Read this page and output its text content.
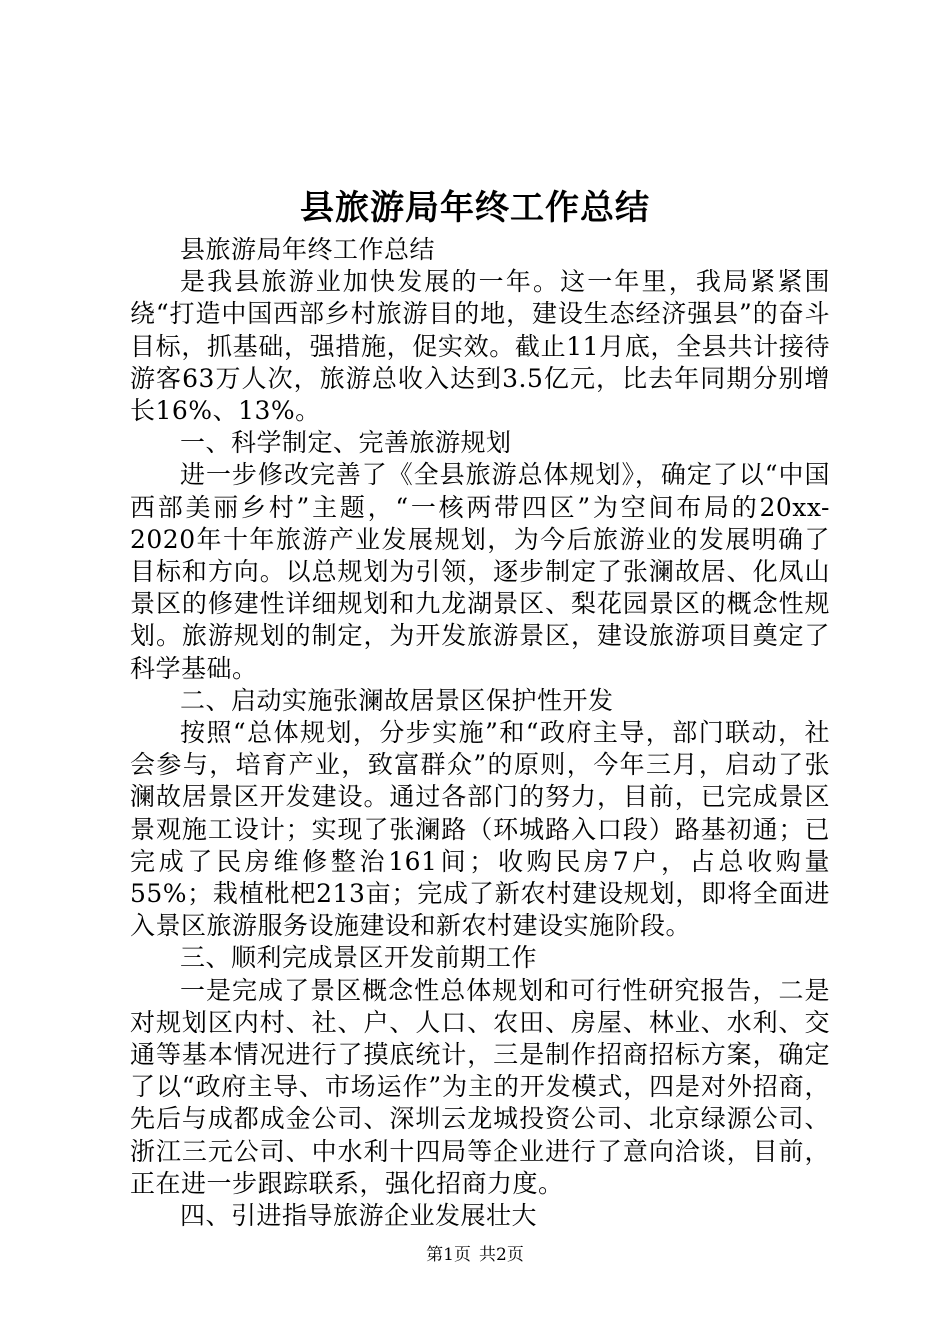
县旅游局年终工作总结

县旅游局年终工作总结

是我县旅游业加快发展的一年。这一年里，我局紧紧围绕“打造中国西部乡村旅游目的地，建设生态经济强县”的奋斗目标，抓基础，强措施，促实效。截止11月底，全县共计接待游客63万人次，旅游总收入达到3.5亿元，比去年同期分别增长16%、13%。

一、科学制定、完善旅游规划

进一步修改完善了《全县旅游总体规划》，确定了以“中国西部美丽乡村”主题，“一核两带四区”为空间布局的20xx-2020年十年旅游产业发展规划，为今后旅游业的发展明确了目标和方向。以总规划为引领，逐步制定了张澜故居、化凤山景区的修建性详细规划和九龙湖景区、梨花园景区的概念性规划。旅游规划的制定，为开发旅游景区，建设旅游项目奠定了科学基础。

二、启动实施张澜故居景区保护性开发

按照“总体规划，分步实施”和“政府主导，部门联动，社会参与，培育产业，致富群众”的原则，今年三月，启动了张澜故居景区开发建设。通过各部门的努力，目前，已完成景区景观施工设计；实现了张澜路（环城路入口段）路基初通；已完成了民房维修整治161间；收购民房7户，占总收购量55%；栽植枇杷213亩；完成了新农村建设规划，即将全面进入景区旅游服务设施建设和新农村建设实施阶段。

三、顺利完成景区开发前期工作

一是完成了景区概念性总体规划和可行性研究报告，二是对规划区内村、社、户、人口、农田、房屋、林业、水利、交通等基本情况进行了摸底统计，三是制作招商招标方案，确定了以“政府主导、市场运作”为主的开发模式，四是对外招商，先后与成都成金公司、深圳云龙城投资公司、北京绿源公司、浙江三元公司、中水利十四局等企业进行了意向洽谈，目前，正在进一步跟踪联系，强化招商力度。

四、引进指导旅游企业发展壮大

第1页 共2页
